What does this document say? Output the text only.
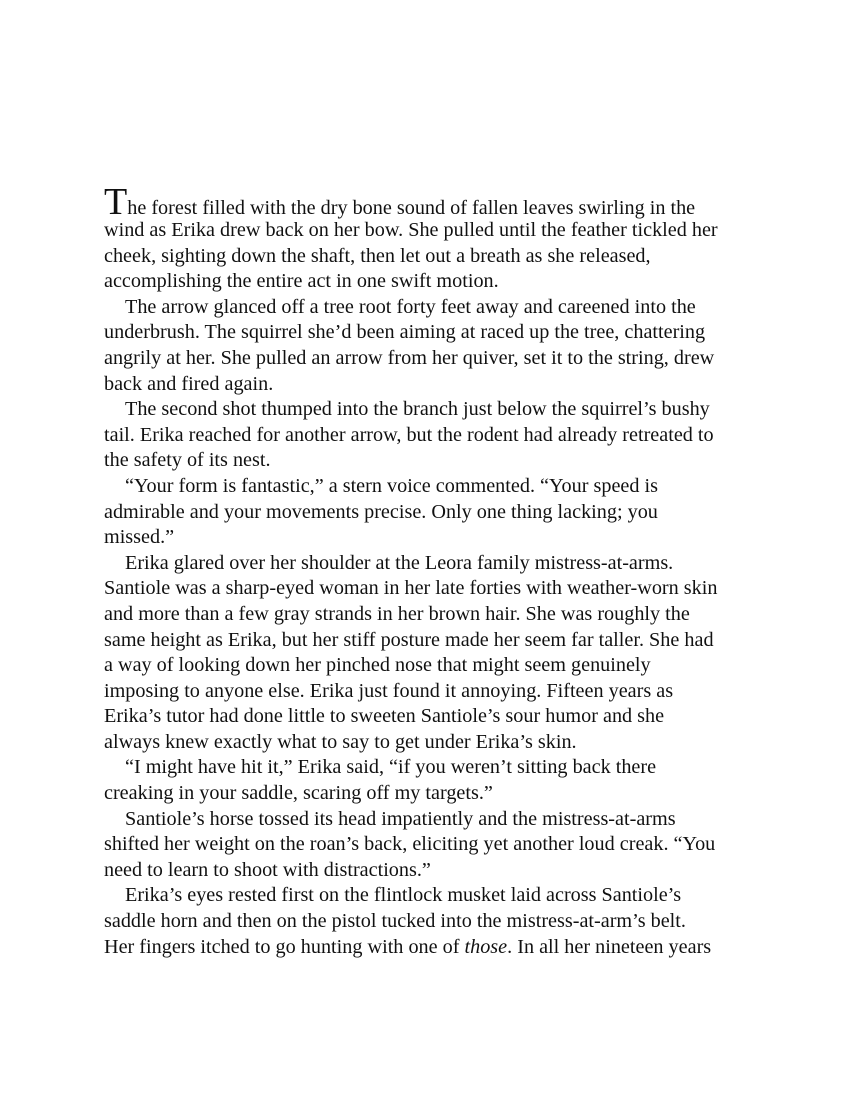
The forest filled with the dry bone sound of fallen leaves swirling in the
wind as Erika drew back on her bow. She pulled until the feather tickled her
cheek, sighting down the shaft, then let out a breath as she released,
accomplishing the entire act in one swift motion.
The arrow glanced off a tree root forty feet away and careened into the
underbrush. The squirrel she’d been aiming at raced up the tree, chattering
angrily at her. She pulled an arrow from her quiver, set it to the string, drew
back and fired again.
The second shot thumped into the branch just below the squirrel’s bushy
tail. Erika reached for another arrow, but the rodent had already retreated to
the safety of its nest.
“Your form is fantastic,” a stern voice commented. “Your speed is
admirable and your movements precise. Only one thing lacking; you
missed.”
Erika glared over her shoulder at the Leora family mistress-at-arms.
Santiole was a sharp-eyed woman in her late forties with weather-worn skin
and more than a few gray strands in her brown hair. She was roughly the
same height as Erika, but her stiff posture made her seem far taller. She had
a way of looking down her pinched nose that might seem genuinely
imposing to anyone else. Erika just found it annoying. Fifteen years as
Erika’s tutor had done little to sweeten Santiole’s sour humor and she
always knew exactly what to say to get under Erika’s skin.
“I might have hit it,” Erika said, “if you weren’t sitting back there
creaking in your saddle, scaring off my targets.”
Santiole’s horse tossed its head impatiently and the mistress-at-arms
shifted her weight on the roan’s back, eliciting yet another loud creak. “You
need to learn to shoot with distractions.”
Erika’s eyes rested first on the flintlock musket laid across Santiole’s
saddle horn and then on the pistol tucked into the mistress-at-arm’s belt.
Her fingers itched to go hunting with one of those. In all her nineteen years
